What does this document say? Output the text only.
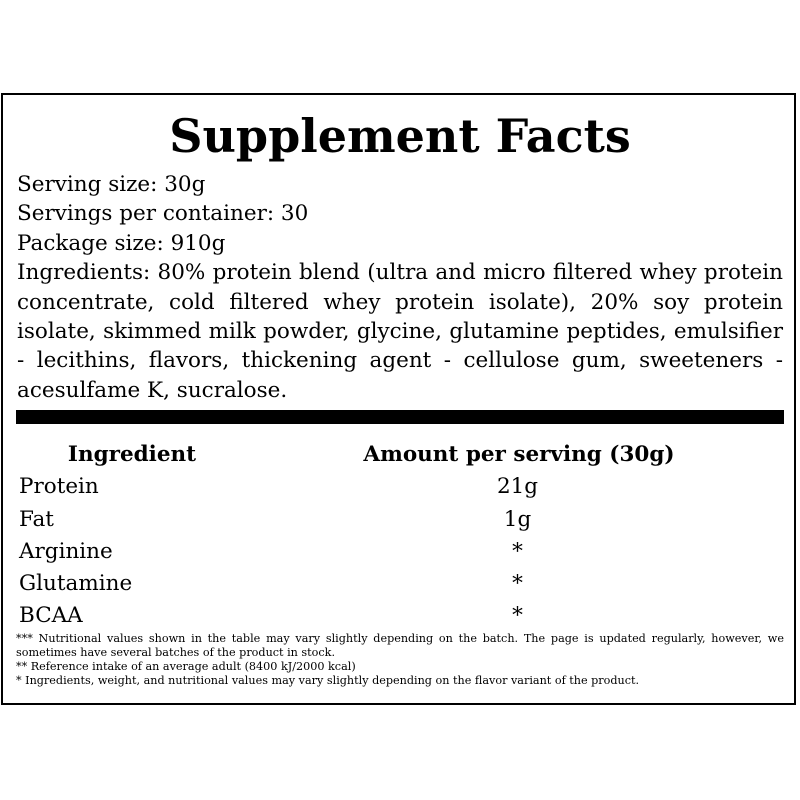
Supplement Facts
Serving size: 30g
Servings per container: 30
Package size: 910g
Ingredients: 80% protein blend (ultra and micro filtered whey protein concentrate, cold filtered whey protein isolate), 20% soy protein isolate, skimmed milk powder, glycine, glutamine peptides, emulsifier - lecithins, flavors, thickening agent - cellulose gum, sweeteners - acesulfame K, sucralose.
Ingredient	Amount per serving (30g)
Protein	21g
Fat	1g
Arginine	*
Glutamine	*
BCAA	*
*** Nutritional values shown in the table may vary slightly depending on the batch. The page is updated regularly, however, we sometimes have several batches of the product in stock.
** Reference intake of an average adult (8400 kJ/2000 kcal)
* Ingredients, weight, and nutritional values may vary slightly depending on the flavor variant of the product.
